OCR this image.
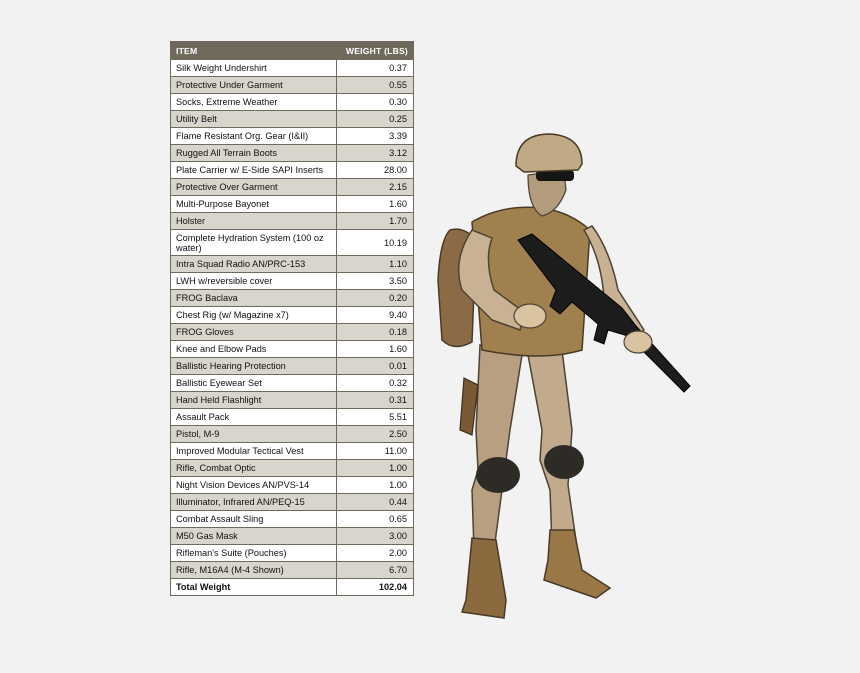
ITEM	WEIGHT (LBS)
Silk Weight Undershirt	0.37
Protective Under Garment	0.55
Socks, Extreme Weather	0.30
Utility Belt	0.25
Flame Resistant Org. Gear (I&II)	3.39
Rugged All Terrain Boots	3.12
Plate Carrier w/ E-Side SAPI Inserts	28.00
Protective Over Garment	2.15
Multi-Purpose Bayonet	1.60
Holster	1.70
Complete Hydration System (100 oz water)	10.19
Intra Squad Radio AN/PRC-153	1.10
LWH w/reversible cover	3.50
FROG Baclava	0.20
Chest Rig (w/ Magazine x7)	9.40
FROG Gloves	0.18
Knee and Elbow Pads	1.60
Ballistic Hearing Protection	0.01
Ballistic Eyewear Set	0.32
Hand Held Flashlight	0.31
Assault Pack	5.51
Pistol, M-9	2.50
Improved Modular Tectical Vest	11.00
Rifle, Combat Optic	1.00
Night Vision Devices AN/PVS-14	1.00
Illuminator, Infrared AN/PEQ-15	0.44
Combat Assault Sling	0.65
M50 Gas Mask	3.00
Rifleman's Suite (Pouches)	2.00
Rifle, M16A4 (M-4 Shown)	6.70
Total Weight	102.04
